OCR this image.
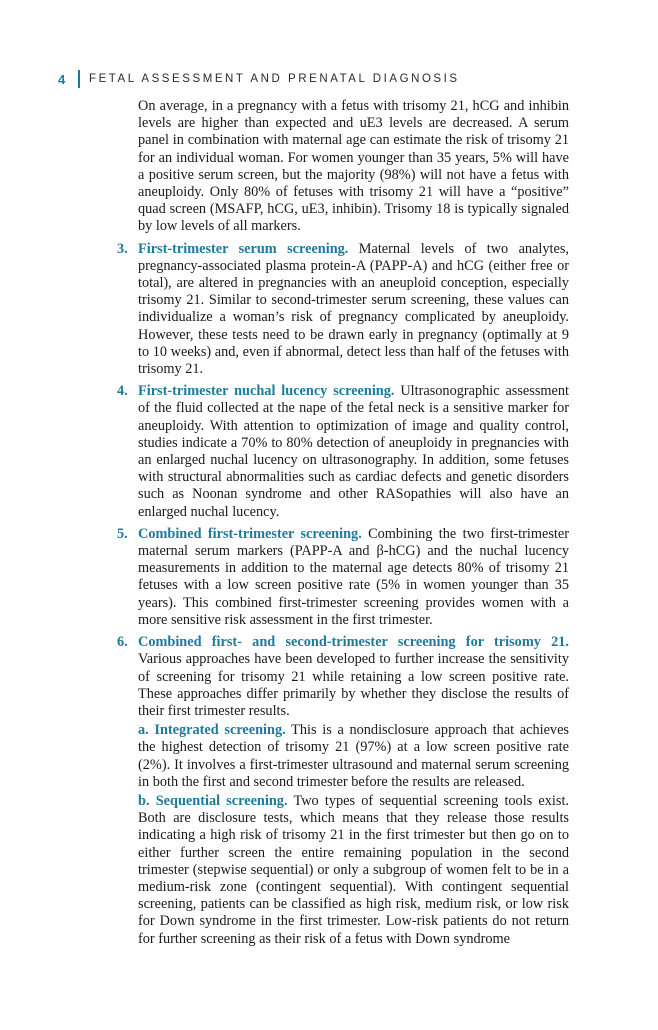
4	FETAL ASSESSMENT AND PRENATAL DIAGNOSIS

On average, in a pregnancy with a fetus with trisomy 21, hCG and inhibin levels are higher than expected and uE3 levels are decreased. A serum panel in combination with maternal age can estimate the risk of trisomy 21 for an individual woman. For women younger than 35 years, 5% will have a positive serum screen, but the majority (98%) will not have a fetus with aneuploidy. Only 80% of fetuses with trisomy 21 will have a “positive” quad screen (MSAFP, hCG, uE3, inhibin). Trisomy 18 is typically signaled by low levels of all markers.

3. First-trimester serum screening. Maternal levels of two analytes, pregnancy-associated plasma protein-A (PAPP-A) and hCG (either free or total), are altered in pregnancies with an aneuploid conception, especially trisomy 21. Similar to second-trimester serum screening, these values can individualize a woman’s risk of pregnancy complicated by aneuploidy. However, these tests need to be drawn early in pregnancy (optimally at 9 to 10 weeks) and, even if abnormal, detect less than half of the fetuses with trisomy 21.
4. First-trimester nuchal lucency screening. Ultrasonographic assessment of the fluid collected at the nape of the fetal neck is a sensitive marker for aneuploidy. With attention to optimization of image and quality control, studies indicate a 70% to 80% detection of aneuploidy in pregnancies with an enlarged nuchal lucency on ultrasonography. In addition, some fetuses with structural abnormalities such as cardiac defects and genetic disorders such as Noonan syndrome and other RASopathies will also have an enlarged nuchal lucency.
5. Combined first-trimester screening. Combining the two first-trimester maternal serum markers (PAPP-A and β-hCG) and the nuchal lucency measurements in addition to the maternal age detects 80% of trisomy 21 fetuses with a low screen positive rate (5% in women younger than 35 years). This combined first-trimester screening provides women with a more sensitive risk assessment in the first trimester.
6. Combined first- and second-trimester screening for trisomy 21. Various approaches have been developed to further increase the sensitivity of screening for trisomy 21 while retaining a low screen positive rate. These approaches differ primarily by whether they disclose the results of their first trimester results.
a. Integrated screening. This is a nondisclosure approach that achieves the highest detection of trisomy 21 (97%) at a low screen positive rate (2%). It involves a first-trimester ultrasound and maternal serum screening in both the first and second trimester before the results are released.
b. Sequential screening. Two types of sequential screening tools exist. Both are disclosure tests, which means that they release those results indicating a high risk of trisomy 21 in the first trimester but then go on to either further screen the entire remaining population in the second trimester (stepwise sequential) or only a subgroup of women felt to be in a medium-risk zone (contingent sequential). With contingent sequential screening, patients can be classified as high risk, medium risk, or low risk for Down syndrome in the first trimester. Low-risk patients do not return for further screening as their risk of a fetus with Down syndrome
